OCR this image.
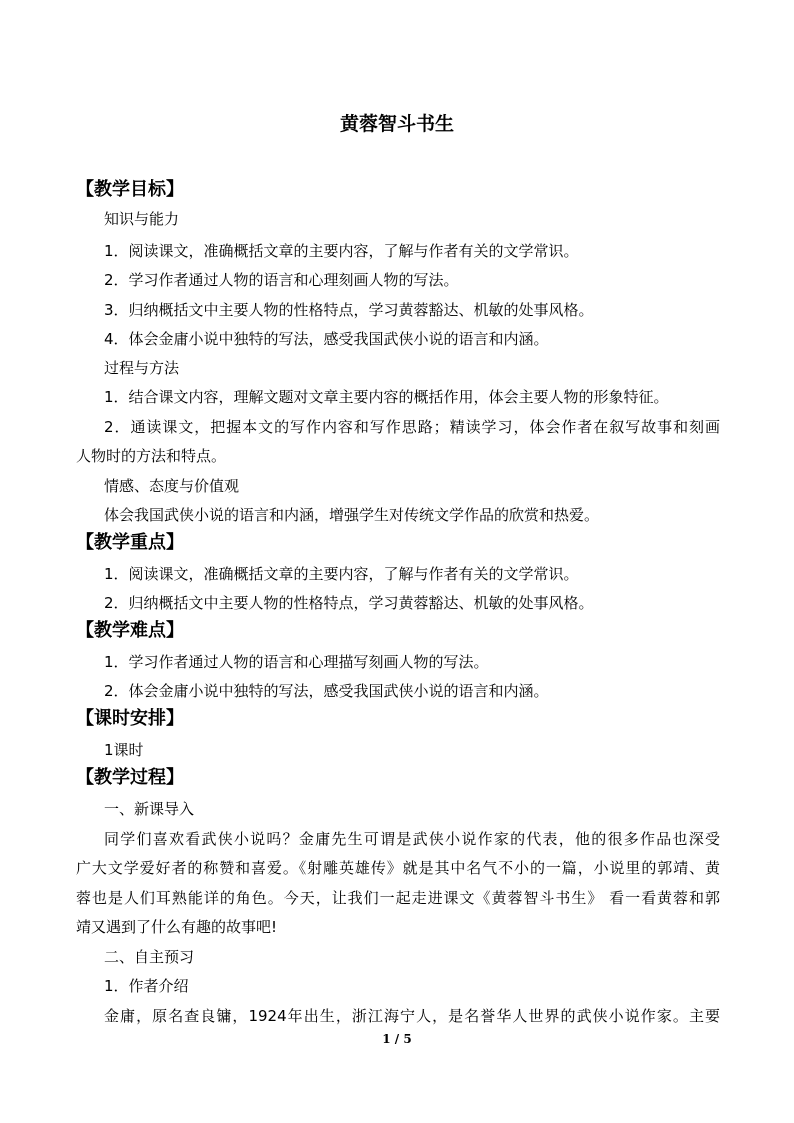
黄蓉智斗书生
【教学目标】
知识与能力
1．阅读课文，准确概括文章的主要内容，了解与作者有关的文学常识。
2．学习作者通过人物的语言和心理刻画人物的写法。
3．归纳概括文中主要人物的性格特点，学习黄蓉豁达、机敏的处事风格。
4．体会金庸小说中独特的写法，感受我国武侠小说的语言和内涵。
过程与方法
1．结合课文内容，理解文题对文章主要内容的概括作用，体会主要人物的形象特征。
2．通读课文，把握本文的写作内容和写作思路；精读学习，体会作者在叙写故事和刻画
人物时的方法和特点。
情感、态度与价值观
体会我国武侠小说的语言和内涵，增强学生对传统文学作品的欣赏和热爱。
【教学重点】
1．阅读课文，准确概括文章的主要内容，了解与作者有关的文学常识。
2．归纳概括文中主要人物的性格特点，学习黄蓉豁达、机敏的处事风格。
【教学难点】
1．学习作者通过人物的语言和心理描写刻画人物的写法。
2．体会金庸小说中独特的写法，感受我国武侠小说的语言和内涵。
【课时安排】
1课时
【教学过程】
一、新课导入
同学们喜欢看武侠小说吗？金庸先生可谓是武侠小说作家的代表，他的很多作品也深受
广大文学爱好者的称赞和喜爱。《射雕英雄传》就是其中名气不小的一篇，小说里的郭靖、黄
蓉也是人们耳熟能详的角色。今天，让我们一起走进课文《黄蓉智斗书生》 看一看黄蓉和郭
靖又遇到了什么有趣的故事吧!
二、自主预习
1．作者介绍
金庸，原名查良镛，1924年出生，浙江海宁人，是名誉华人世界的武侠小说作家。主要
1 / 5
